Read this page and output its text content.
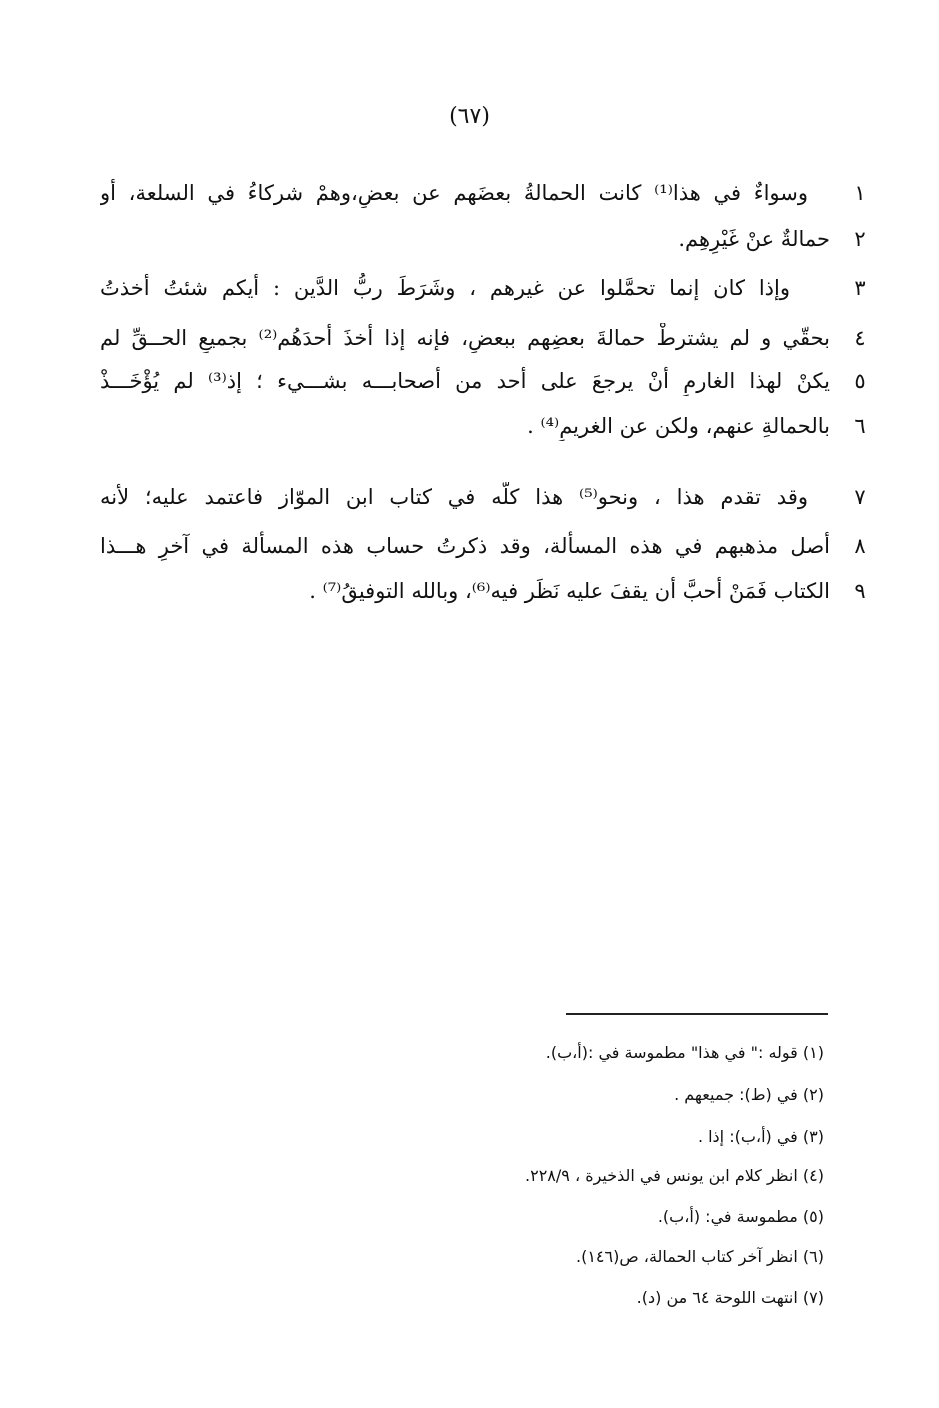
(٦٧)
١
وسواءٌ في هذا⁽¹⁾ كانت الحمالةُ بعضَهم عن بعضٍ،وهمْ شركاءُ في السلعة، أو
٢
حمالةٌ عنْ غَيْرِهِم.
٣
وإذا كان إنما تحمَّلوا عن غيرهم ، وشَرَطَ ربُّ الدَّين : أيكم شئتُ أخذتُ
٤
بحقّي و لم يشترطْ حمالةَ بعضِهم ببعضٍ، فإنه إذا أخذَ أحدَهُم⁽²⁾ بجميعِ الحــقِّ لم
٥
يكنْ لهذا الغارمِ أنْ يرجعَ على أحد من أصحابـــه بشـــيء ؛ إذ⁽³⁾ لم يُؤْخَـــذْ
٦
بالحمالةِ عنهم، ولكن عن الغريمِ⁽⁴⁾ .
٧
وقد تقدم هذا ، ونحو⁽⁵⁾ هذا كلّه في كتاب ابن الموّاز فاعتمد عليه؛ لأنه
٨
أصل مذهبهم في هذه المسألة، وقد ذكرتُ حساب هذه المسألة في آخرِ هـــذا
٩
الكتاب فَمَنْ أحبَّ أن يقفَ عليه نَظَر فيه⁽⁶⁾، وبالله التوفيقُ⁽⁷⁾ .
(١) قوله :" في هذا" مطموسة في :(أ،ب).
(٢) في (ط): جميعهم .
(٣) في (أ،ب): إذا .
(٤) انظر كلام ابن يونس في الذخيرة ، ٢٢٨/٩.
(٥) مطموسة في: (أ،ب).
(٦) انظر آخر كتاب الحمالة، ص(١٤٦).
(٧) انتهت اللوحة ٦٤ من (د).
